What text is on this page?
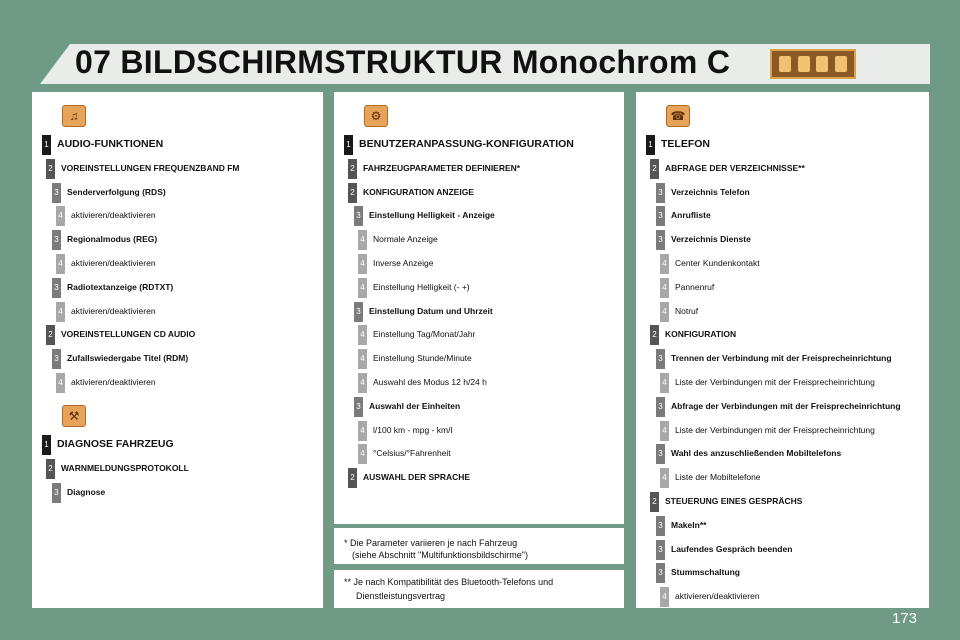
07 BILDSCHIRMSTRUKTUR Monochrom C
* Die Parameter variieren je nach Fahrzeug
(siehe Abschnitt "Multifunktionsbildschirme")
** Je nach Kompatibilität des Bluetooth-Telefons und
Dienstleistungsvertrag
♫
1 AUDIO-FUNKTIONEN
2 VOREINSTELLUNGEN FREQUENZBAND FM
3 Senderverfolgung (RDS)
4 aktivieren/deaktivieren
3 Regionalmodus (REG)
4 aktivieren/deaktivieren
3 Radiotextanzeige (RDTXT)
4 aktivieren/deaktivieren
2 VOREINSTELLUNGEN CD AUDIO
3 Zufallswiedergabe Titel (RDM)
4 aktivieren/deaktivieren
⚒
1 DIAGNOSE FAHRZEUG
2 WARNMELDUNGSPROTOKOLL
3 Diagnose
⚙
1 BENUTZERANPASSUNG-KONFIGURATION
2 FAHRZEUGPARAMETER DEFINIEREN*
2 KONFIGURATION ANZEIGE
3 Einstellung Helligkeit - Anzeige
4 Normale Anzeige
4 Inverse Anzeige
4 Einstellung Helligkeit (- +)
3 Einstellung Datum und Uhrzeit
4 Einstellung Tag/Monat/Jahr
4 Einstellung Stunde/Minute
4 Auswahl des Modus 12 h/24 h
3 Auswahl der Einheiten
4 l/100 km - mpg - km/l
4 °Celsius/°Fahrenheit
2 AUSWAHL DER SPRACHE
☎
1 TELEFON
2 ABFRAGE DER VERZEICHNISSE**
3 Verzeichnis Telefon
3 Anrufliste
3 Verzeichnis Dienste
4 Center Kundenkontakt
4 Pannenruf
4 Notruf
2 KONFIGURATION
3 Trennen der Verbindung mit der Freisprecheinrichtung
4 Liste der Verbindungen mit der Freisprecheinrichtung
3 Abfrage der Verbindungen mit der Freisprecheinrichtung
4 Liste der Verbindungen mit der Freisprecheinrichtung
3 Wahl des anzuschließenden Mobiltelefons
4 Liste der Mobiltelefone
2 STEUERUNG EINES GESPRÄCHS
3 Makeln**
3 Laufendes Gespräch beenden
3 Stummschaltung
4 aktivieren/deaktivieren
173
